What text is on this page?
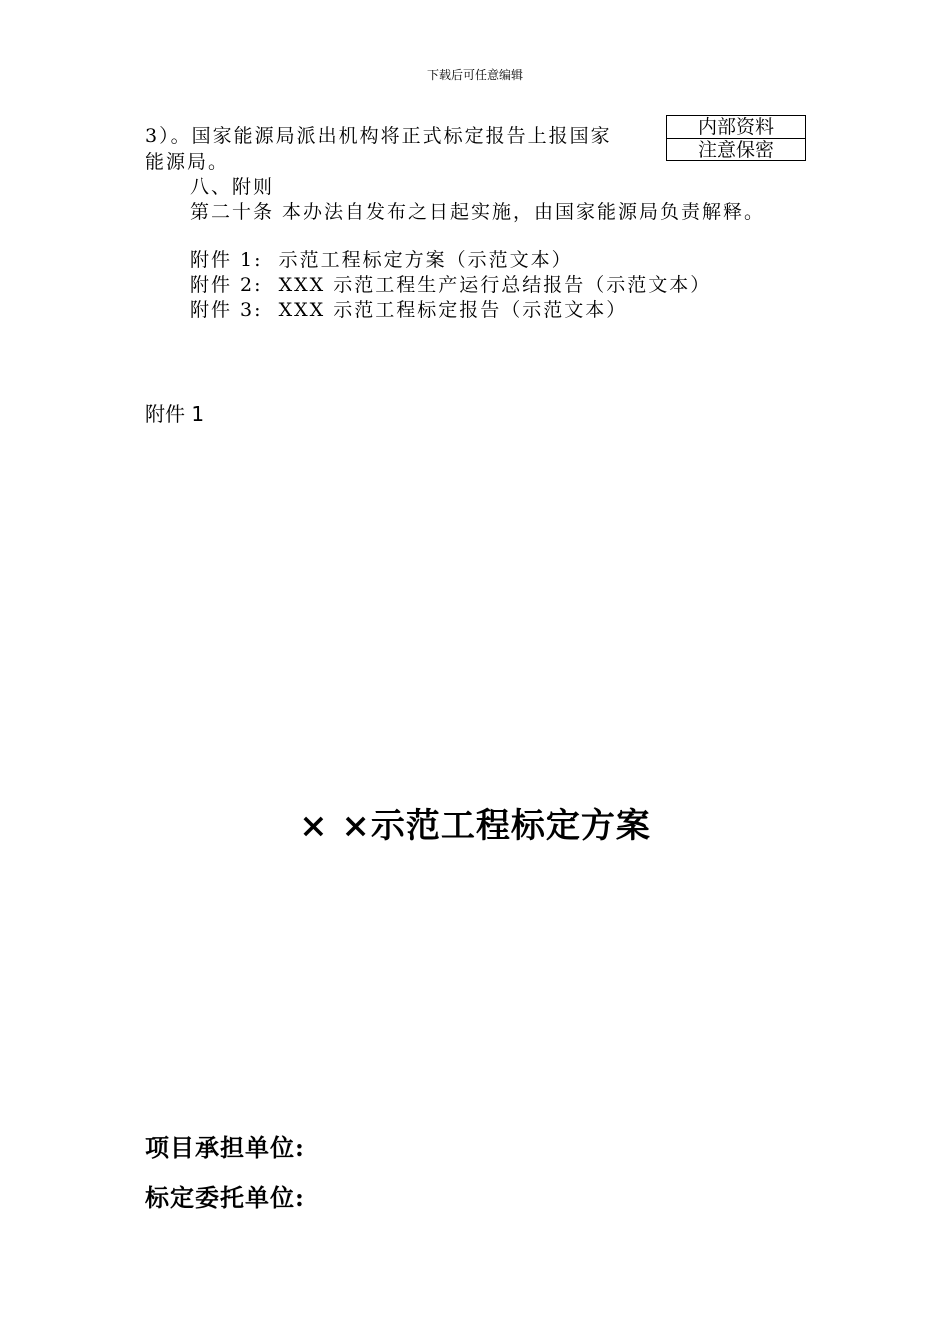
下载后可任意编辑
内部资料
注意保密
3）。国家能源局派出机构将正式标定报告上报国家
能源局。
八、附则
第二十条 本办法自发布之日起实施，由国家能源局负责解释。
附件 1: 示范工程标定方案（示范文本）
附件 2: XXX 示范工程生产运行总结报告（示范文本）
附件 3: XXX 示范工程标定报告（示范文本）
附件 1
× ×示范工程标定方案
项目承担单位:
标定委托单位:
